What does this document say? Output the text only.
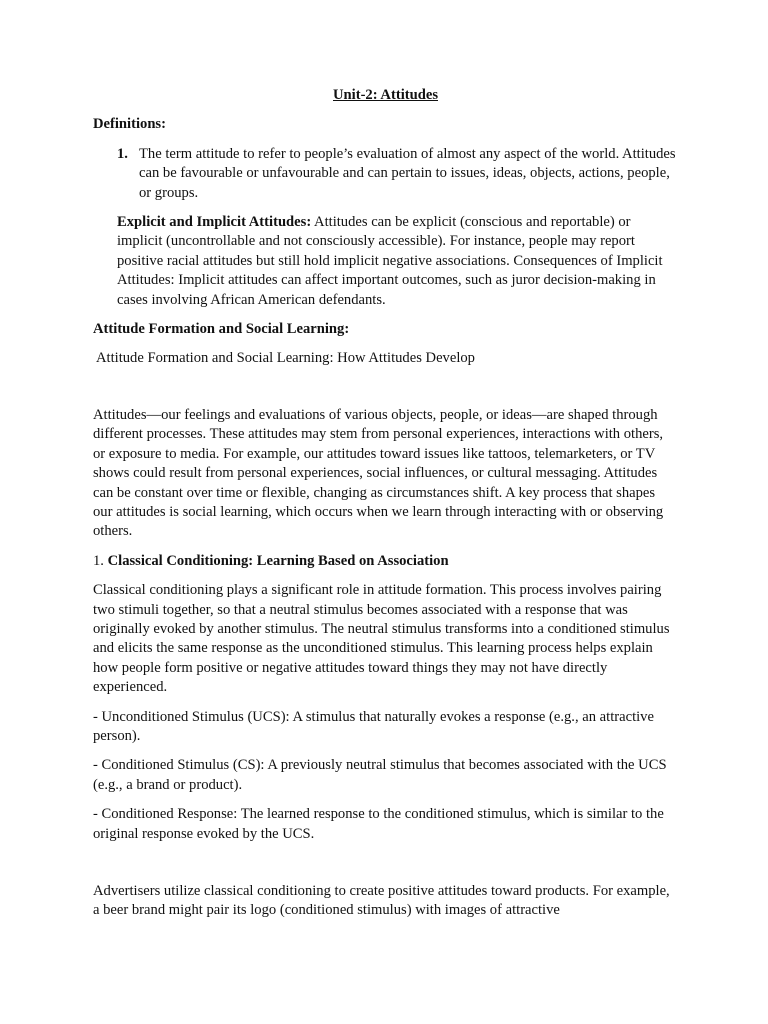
Unit-2: Attitudes

Definitions:

1. The term attitude to refer to people’s evaluation of almost any aspect of the world. Attitudes can be favourable or unfavourable and can pertain to issues, ideas, objects, actions, people, or groups.

Explicit and Implicit Attitudes: Attitudes can be explicit (conscious and reportable) or implicit (uncontrollable and not consciously accessible). For instance, people may report positive racial attitudes but still hold implicit negative associations. Consequences of Implicit Attitudes: Implicit attitudes can affect important outcomes, such as juror decision-making in cases involving African American defendants.

Attitude Formation and Social Learning:

Attitude Formation and Social Learning: How Attitudes Develop

Attitudes—our feelings and evaluations of various objects, people, or ideas—are shaped through different processes. These attitudes may stem from personal experiences, interactions with others, or exposure to media. For example, our attitudes toward issues like tattoos, telemarketers, or TV shows could result from personal experiences, social influences, or cultural messaging. Attitudes can be constant over time or flexible, changing as circumstances shift. A key process that shapes our attitudes is social learning, which occurs when we learn through interacting with or observing others.

1. Classical Conditioning: Learning Based on Association

Classical conditioning plays a significant role in attitude formation. This process involves pairing two stimuli together, so that a neutral stimulus becomes associated with a response that was originally evoked by another stimulus. The neutral stimulus transforms into a conditioned stimulus and elicits the same response as the unconditioned stimulus. This learning process helps explain how people form positive or negative attitudes toward things they may not have directly experienced.

- Unconditioned Stimulus (UCS): A stimulus that naturally evokes a response (e.g., an attractive person).

- Conditioned Stimulus (CS): A previously neutral stimulus that becomes associated with the UCS (e.g., a brand or product).

- Conditioned Response: The learned response to the conditioned stimulus, which is similar to the original response evoked by the UCS.

Advertisers utilize classical conditioning to create positive attitudes toward products. For example, a beer brand might pair its logo (conditioned stimulus) with images of attractive
